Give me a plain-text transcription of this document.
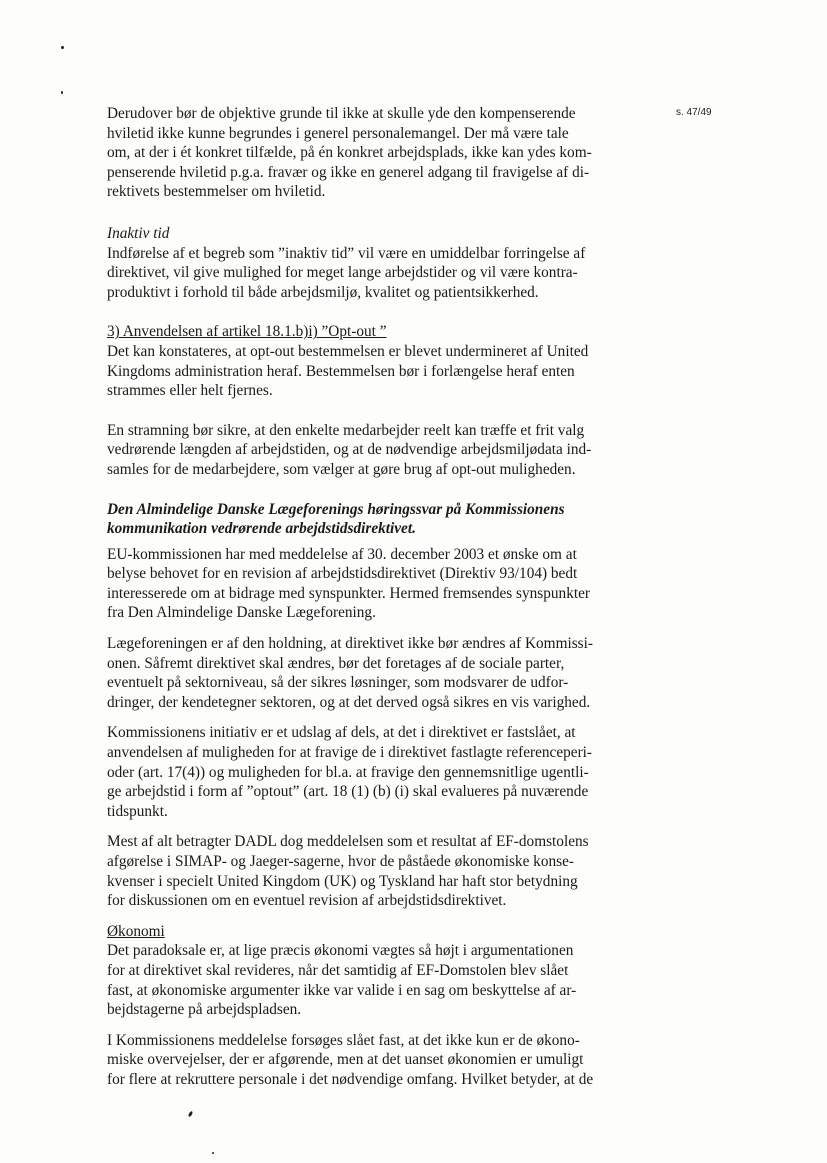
s. 47/49

Derudover bør de objektive grunde til ikke at skulle yde den kompenserende
hviletid ikke kunne begrundes i generel personalemangel. Der må være tale
om, at der i ét konkret tilfælde, på én konkret arbejdsplads, ikke kan ydes kom-
penserende hviletid p.g.a. fravær og ikke en generel adgang til fravigelse af di-
rektivets bestemmelser om hviletid.

Inaktiv tid

Indførelse af et begreb som ”inaktiv tid” vil være en umiddelbar forringelse af
direktivet, vil give mulighed for meget lange arbejdstider og vil være kontra-
produktivt i forhold til både arbejdsmiljø, kvalitet og patientsikkerhed.

3) Anvendelsen af artikel 18.1.b)i) ”Opt-out ”

Det kan konstateres, at opt-out bestemmelsen er blevet undermineret af United
Kingdoms administration heraf. Bestemmelsen bør i forlængelse heraf enten
strammes eller helt fjernes.

En stramning bør sikre, at den enkelte medarbejder reelt kan træffe et frit valg
vedrørende længden af arbejdstiden, og at de nødvendige arbejdsmiljødata ind-
samles for de medarbejdere, som vælger at gøre brug af opt-out muligheden.

Den Almindelige Danske Lægeforenings høringssvar på Kommissionens
kommunikation vedrørende arbejdstidsdirektivet.

EU-kommissionen har med meddelelse af 30. december 2003 et ønske om at
belyse behovet for en revision af arbejdstidsdirektivet (Direktiv 93/104) bedt
interesserede om at bidrage med synspunkter. Hermed fremsendes synspunkter
fra Den Almindelige Danske Lægeforening.

Lægeforeningen er af den holdning, at direktivet ikke bør ændres af Kommissi-
onen. Såfremt direktivet skal ændres, bør det foretages af de sociale parter,
eventuelt på sektorniveau, så der sikres løsninger, som modsvarer de udfor-
dringer, der kendetegner sektoren, og at det derved også sikres en vis varighed.

Kommissionens initiativ er et udslag af dels, at det i direktivet er fastslået, at
anvendelsen af muligheden for at fravige de i direktivet fastlagte referenceperi-
oder (art. 17(4)) og muligheden for bl.a. at fravige den gennemsnitlige ugentli-
ge arbejdstid i form af ”optout” (art. 18 (1) (b) (i) skal evalueres på nuværende
tidspunkt.

Mest af alt betragter DADL dog meddelelsen som et resultat af EF-domstolens
afgørelse i SIMAP- og Jaeger-sagerne, hvor de påståede økonomiske konse-
kvenser i specielt United Kingdom (UK) og Tyskland har haft stor betydning
for diskussionen om en eventuel revision af arbejdstidsdirektivet.

Økonomi

Det paradoksale er, at lige præcis økonomi vægtes så højt i argumentationen
for at direktivet skal revideres, når det samtidig af EF-Domstolen blev slået
fast, at økonomiske argumenter ikke var valide i en sag om beskyttelse af ar-
bejdstagerne på arbejdspladsen.

I Kommissionens meddelelse forsøges slået fast, at det ikke kun er de økono-
miske overvejelser, der er afgørende, men at det uanset økonomien er umuligt
for flere at rekruttere personale i det nødvendige omfang. Hvilket betyder, at de
